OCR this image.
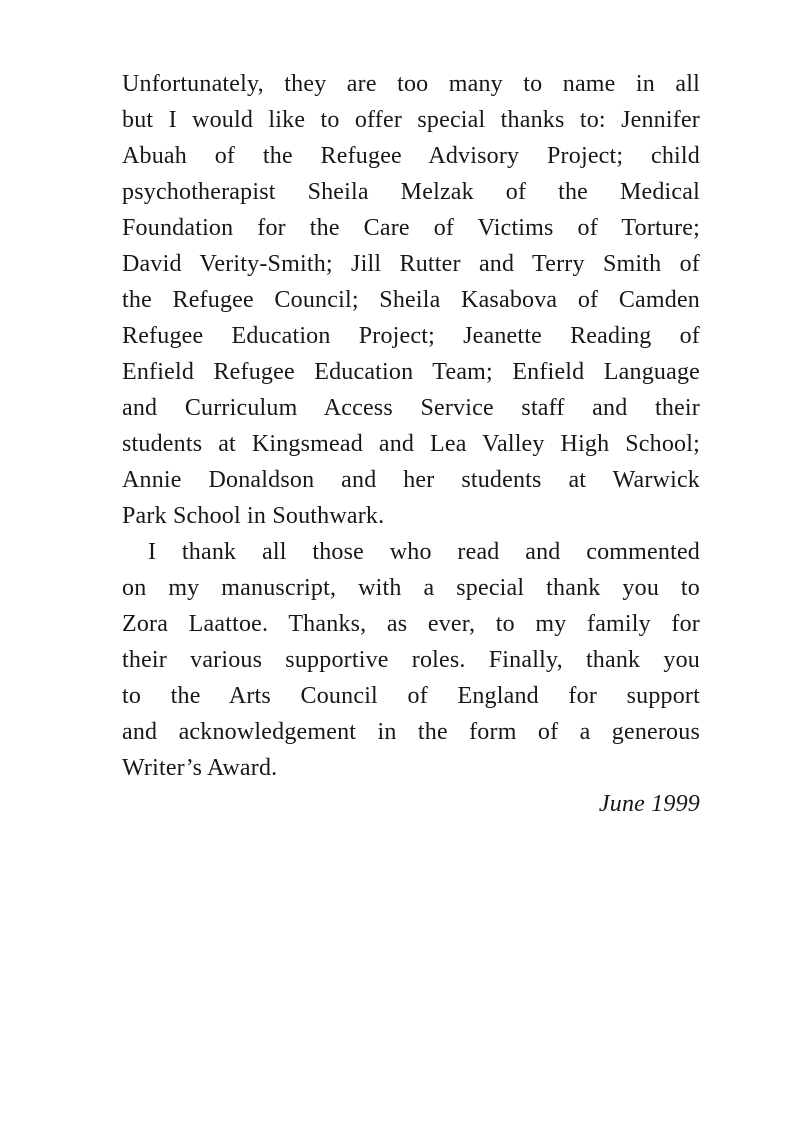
Unfortunately, they are too many to name in all
but I would like to offer special thanks to: Jennifer
Abuah of the Refugee Advisory Project; child
psychotherapist Sheila Melzak of the Medical
Foundation for the Care of Victims of Torture;
David Verity-Smith; Jill Rutter and Terry Smith of
the Refugee Council; Sheila Kasabova of Camden
Refugee Education Project; Jeanette Reading of
Enfield Refugee Education Team; Enfield Language
and Curriculum Access Service staff and their
students at Kingsmead and Lea Valley High School;
Annie Donaldson and her students at Warwick
Park School in Southwark.
I thank all those who read and commented
on my manuscript, with a special thank you to
Zora Laattoe. Thanks, as ever, to my family for
their various supportive roles. Finally, thank you
to the Arts Council of England for support
and acknowledgement in the form of a generous
Writer’s Award.

June 1999
